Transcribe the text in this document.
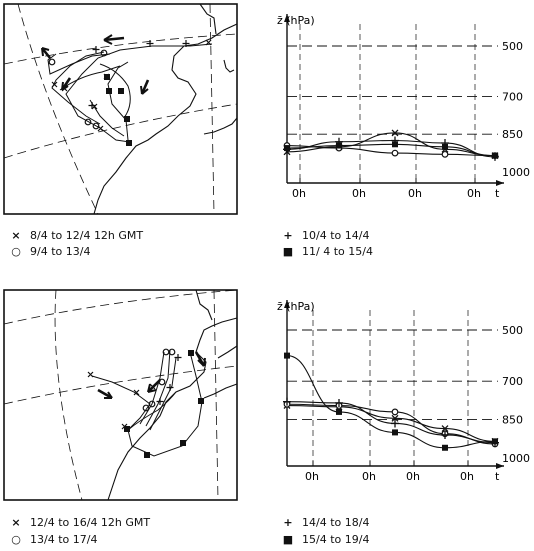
z̄ (hPa)
500
700
850
1000
0h	0h	0h	0h t
z̄ (hPa)
500
700
850
1000
0h	0h	0h	0h t
× 8/4 to 12/4 12h GMT
○ 9/4 to 13/4
+ 10/4 to 14/4
■ 11/ 4 to 15/4
× 12/4 to 16/4 12h GMT
○ 13/4 to 17/4
+ 14/4 to 18/4
■ 15/4 to 19/4
